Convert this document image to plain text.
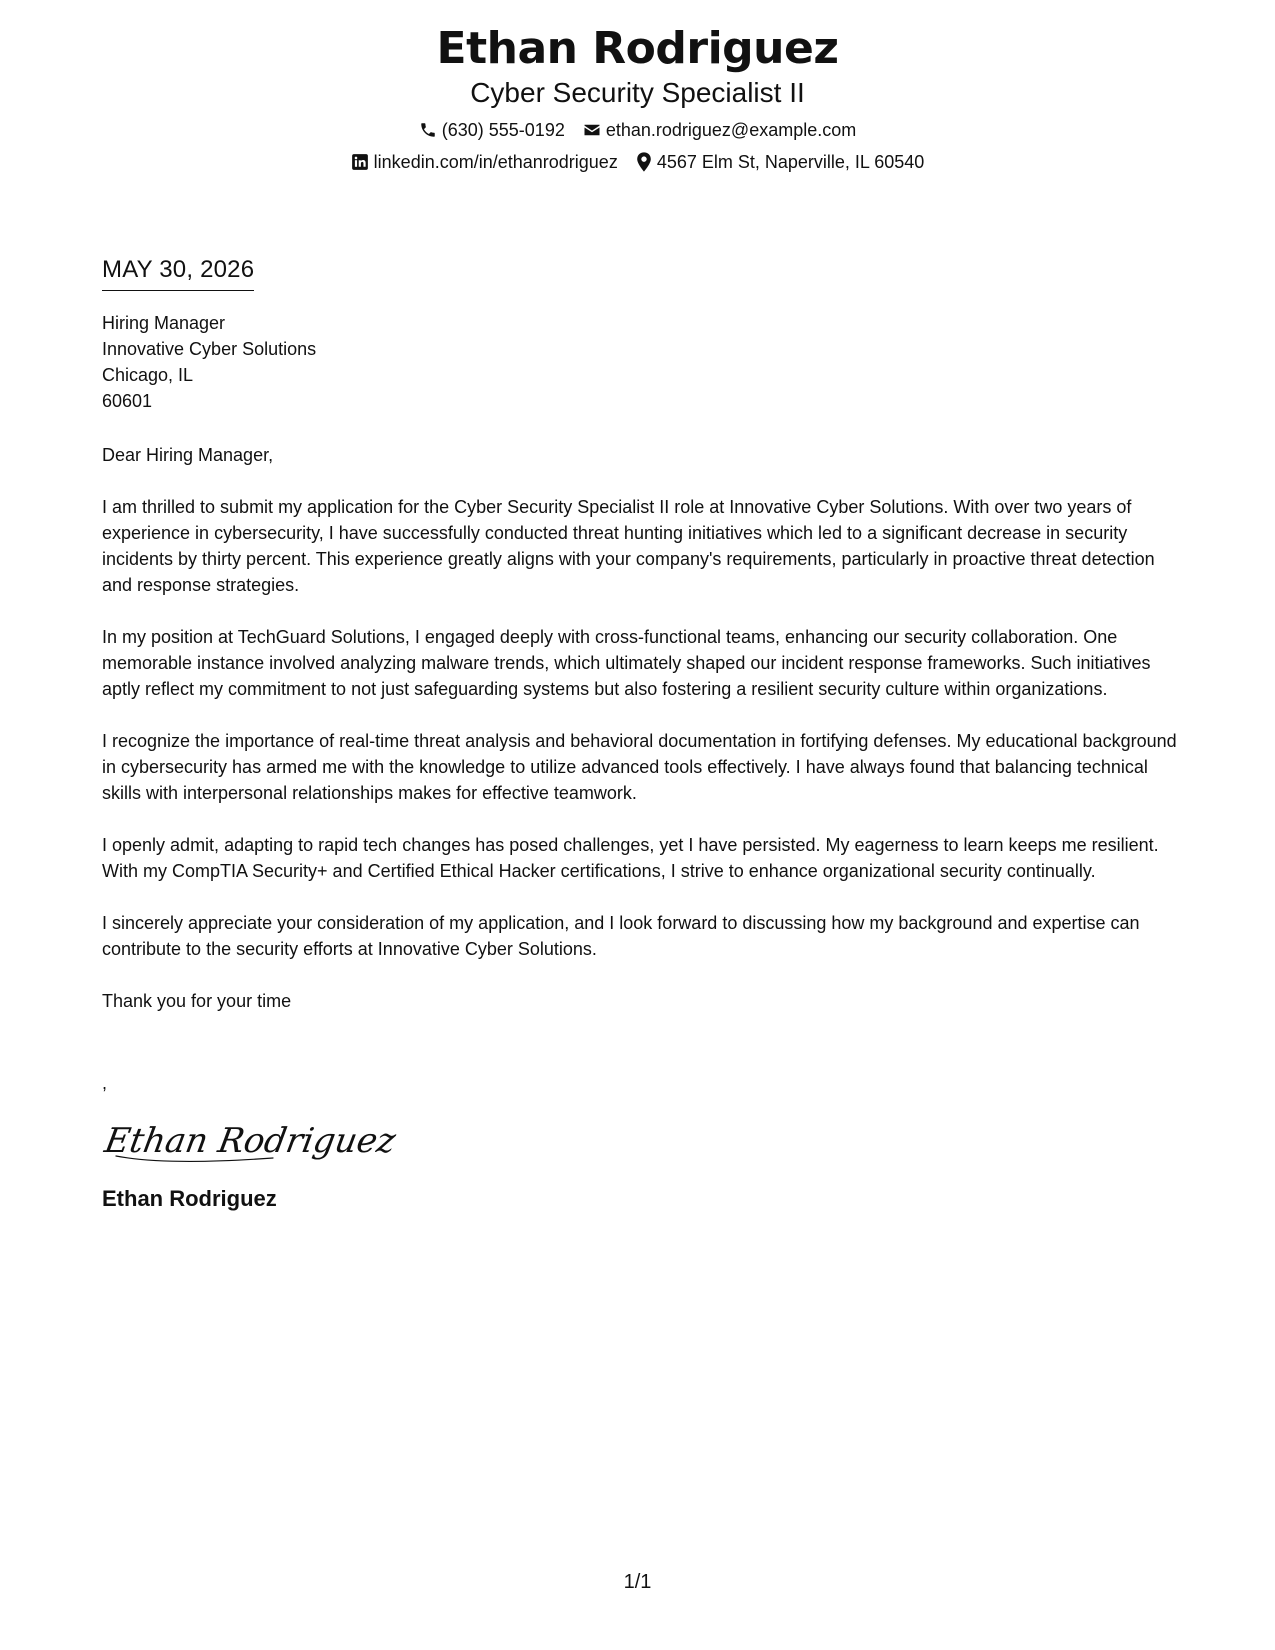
Ethan Rodriguez
Cyber Security Specialist II
(630) 555-0192 ethan.rodriguez@example.com
linkedin.com/in/ethanrodriguez 4567 Elm St, Naperville, IL 60540
MAY 30, 2026
Hiring Manager
Innovative Cyber Solutions
Chicago, IL
60601
Dear Hiring Manager,
I am thrilled to submit my application for the Cyber Security Specialist II role at Innovative Cyber Solutions. With over two years of experience in cybersecurity, I have successfully conducted threat hunting initiatives which led to a significant decrease in security incidents by thirty percent. This experience greatly aligns with your company's requirements, particularly in proactive threat detection and response strategies.
In my position at TechGuard Solutions, I engaged deeply with cross-functional teams, enhancing our security collaboration. One memorable instance involved analyzing malware trends, which ultimately shaped our incident response frameworks. Such initiatives aptly reflect my commitment to not just safeguarding systems but also fostering a resilient security culture within organizations.
I recognize the importance of real-time threat analysis and behavioral documentation in fortifying defenses. My educational background in cybersecurity has armed me with the knowledge to utilize advanced tools effectively. I have always found that balancing technical skills with interpersonal relationships makes for effective teamwork.
I openly admit, adapting to rapid tech changes has posed challenges, yet I have persisted. My eagerness to learn keeps me resilient. With my CompTIA Security+ and Certified Ethical Hacker certifications, I strive to enhance organizational security continually.
I sincerely appreciate your consideration of my application, and I look forward to discussing how my background and expertise can contribute to the security efforts at Innovative Cyber Solutions.
Thank you for your time
,
Ethan Rodriguez
Ethan Rodriguez
1/1
